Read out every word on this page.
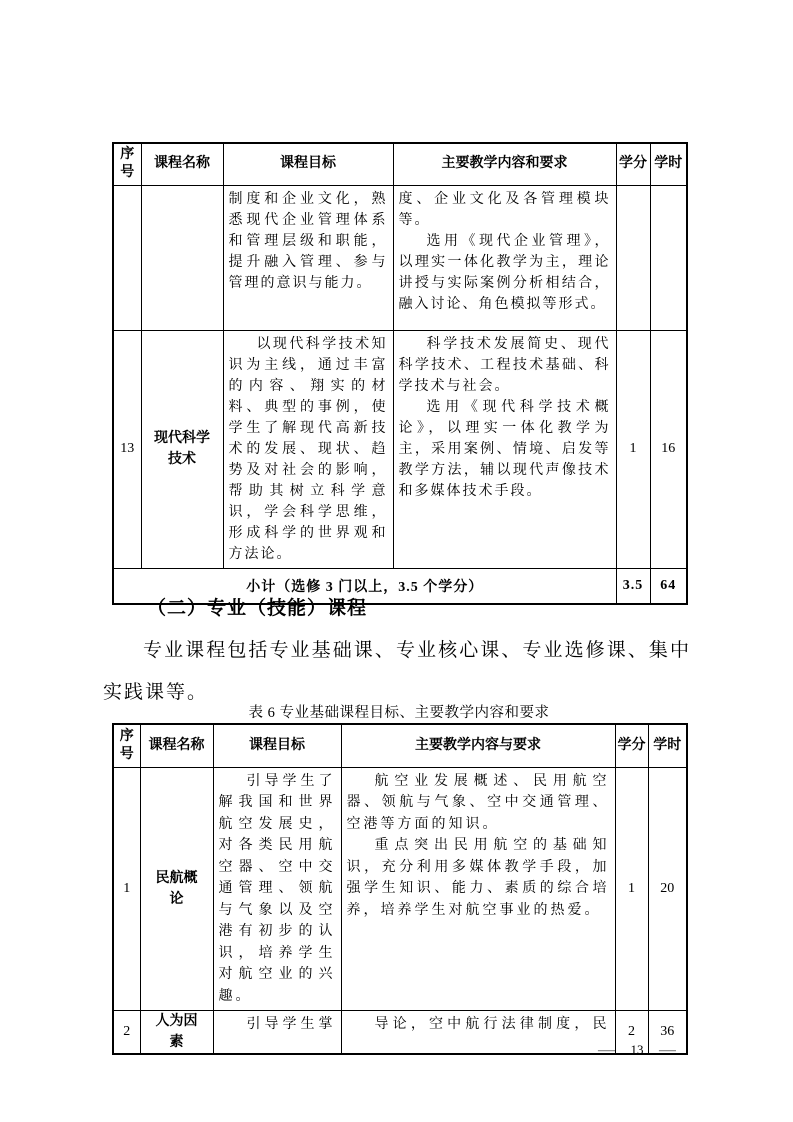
序号	课程名称	课程目标	主要教学内容和要求	学分	学时

		制度和企业文化，熟悉现代企业管理体系和管理层级和职能，提升融入管理、参与管理的意识与能力。	度、企业文化及各管理模块等。

选用《现代企业管理》，以理实一体化教学为主，理论讲授与实际案例分析相结合，融入讨论、角色模拟等形式。		

13	现代科学技术	以现代科学技术知识为主线，通过丰富的内容、翔实的材料、典型的事例，使学生了解现代高新技术的发展、现状、趋势及对社会的影响，帮助其树立科学意识，学会科学思维，形成科学的世界观和方法论。	科学技术发展简史、现代科学技术、工程技术基础、科学技术与社会。

选用《现代科学技术概论》，以理实一体化教学为主，采用案例、情境、启发等教学方法，辅以现代声像技术和多媒体技术手段。	1	16
小计（选修 3 门以上，3.5 个学分）				3.5	64
（二）专业（技能）课程
专业课程包括专业基础课、专业核心课、专业选修课、集中实践课等。
表 6 专业基础课程目标、主要教学内容和要求
序号	课程名称	课程目标	主要教学内容与要求	学分	学时
1	民航概论	引导学生了解我国和世界航空发展史，对各类民用航空器、空中交通管理、领航与气象以及空港有初步的认识，培养学生对航空业的兴趣。	航空业发展概述、民用航空器、领航与气象、空中交通管理、空港等方面的知识。

重点突出民用航空的基础知识，充分利用多媒体教学手段，加强学生知识、能力、素质的综合培养，培养学生对航空事业的热爱。	1	20
2	人为因素	引导学生掌	导论，空中航行法律制度，民	2	36
— 13 —
